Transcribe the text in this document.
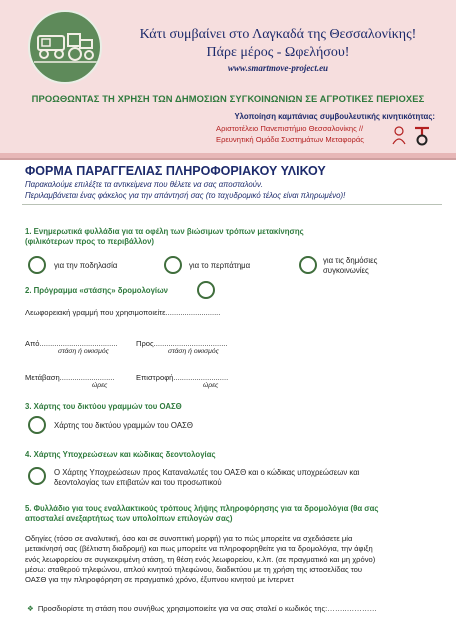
Κάτι συμβαίνει στο Λαγκαδά της Θεσσαλονίκης!
Πάρε μέρος - Ωφελήσου!
www.smartmove-project.eu
ΠΡΟΩΘΩΝΤΑΣ ΤΗ ΧΡΗΣΗ ΤΩΝ ΔΗΜΟΣΙΩΝ ΣΥΓΚΟΙΝΩΝΙΩΝ ΣΕ ΑΓΡΟΤΙΚΕΣ ΠΕΡΙΟΧΕΣ
Υλοποίηση καμπάνιας συμβουλευτικής κινητικότητας:
Αριστοτέλειο Πανεπιστήμιο Θεσσαλονίκης //
Ερευνητική Ομάδα Συστημάτων Μεταφοράς
ΦΟΡΜΑ ΠΑΡΑΓΓΕΛΙΑΣ ΠΛΗΡΟΦΟΡΙΑΚΟΥ ΥΛΙΚΟΥ
Παρακαλούμε επιλέξτε τα αντικείμενα που θέλετε να σας αποσταλούν.
Περιλαμβάνεται ένας φάκελος για την απάντησή σας (το ταχυδρομικό τέλος είναι πληρωμένο)!
1. Ενημερωτικά φυλλάδια για τα οφέλη των βιώσιμων τρόπων μετακίνησης
(φιλικότερων προς το περιβάλλον)
για την ποδηλασία	για το περπάτημα
για τις δημόσιες
συγκοινωνίες
2. Πρόγραμμα «στάσης» δρομολογίων
Λεωφορειακή γραμμή που χρησιμοποιείτε..........................
Από.....................................
στάση ή οικισμός
Προς...................................
στάση ή οικισμός
Μετάβαση..........................
ώρες
Επιστροφή..........................
ώρες
3. Χάρτης του δικτύου γραμμών του ΟΑΣΘ
Χάρτης του δικτύου γραμμών του ΟΑΣΘ
4. Χάρτης Υποχρεώσεων και κώδικας δεοντολογίας
Ο Χάρτης Υποχρεώσεων προς Καταναλωτές του ΟΑΣΘ και ο κώδικας υποχρεώσεων και
δεοντολογίας των επιβατών και του προσωπικού
5. Φυλλάδιο για τους εναλλακτικούς τρόπους λήψης πληροφόρησης για τα δρομολόγια (θα σας
αποσταλεί ανεξαρτήτως των υπολοίπων επιλογών σας)
Οδηγίες (τόσο σε αναλυτική, όσο και σε συνοπτική μορφή) για το πώς μπορείτε να σχεδιάσετε μία
μετακίνησή σας (βέλτιστη διαδρομή) και πως μπορείτε να πληροφορηθείτε για τα δρομολόγια, την άφιξη
ενός λεωφορείου σε συγκεκριμένη στάση, τη θέση ενός λεωφορείου, κ.λπ. (σε πραγματικό και μη χρόνο)
μέσω: σταθερού τηλεφώνου, απλού κινητού τηλεφώνου, διαδικτύου με τη χρήση της ιστοσελίδας του
ΟΑΣΘ για την πληροφόρηση σε πραγματικό χρόνο, έξυπνου κινητού με ίντερνετ
❖ Προσδιορίστε τη στάση που συνήθως χρησιμοποιείτε για να σας σταλεί ο κωδικός της:……..…………
